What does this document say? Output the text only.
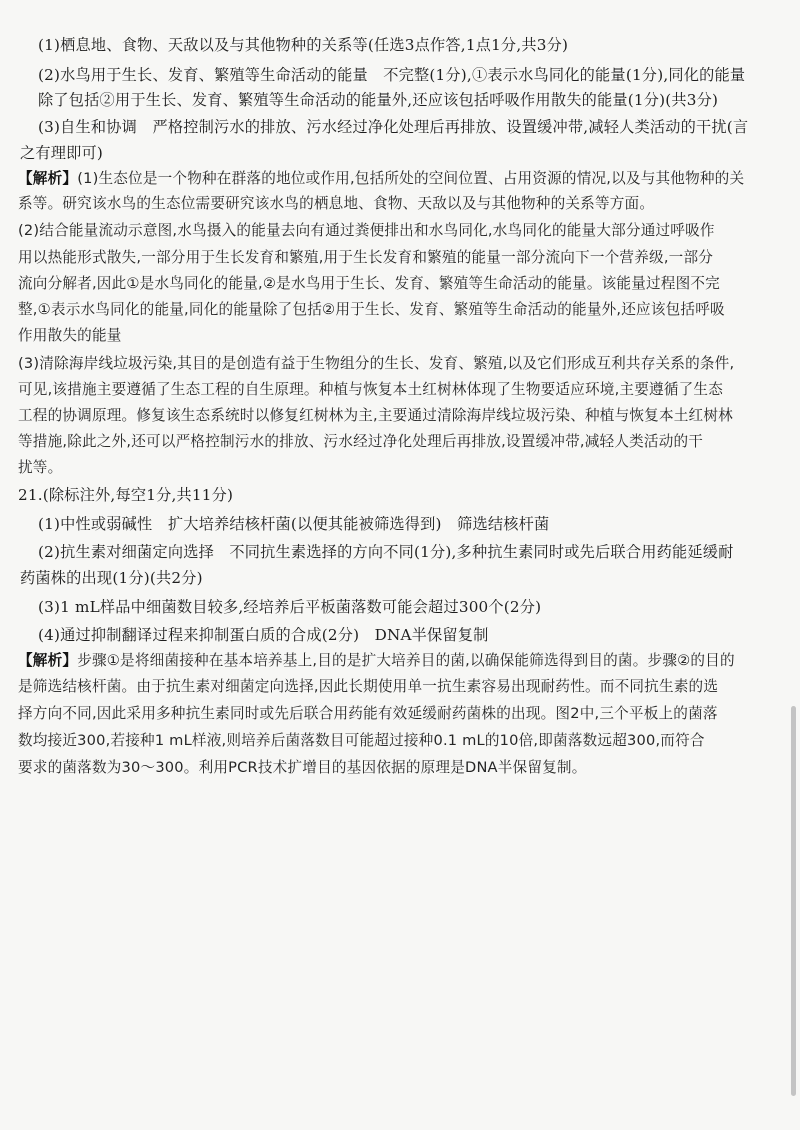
(1)栖息地、食物、天敌以及与其他物种的关系等(任选3点作答,1点1分,共3分)
(2)水鸟用于生长、发育、繁殖等生命活动的能量　不完整(1分),①表示水鸟同化的能量(1分),同化的能量
除了包括②用于生长、发育、繁殖等生命活动的能量外,还应该包括呼吸作用散失的能量(1分)(共3分)
(3)自生和协调　严格控制污水的排放、污水经过净化处理后再排放、设置缓冲带,减轻人类活动的干扰(言
之有理即可)
【解析】(1)生态位是一个物种在群落的地位或作用,包括所处的空间位置、占用资源的情况,以及与其他物种的关
系等。研究该水鸟的生态位需要研究该水鸟的栖息地、食物、天敌以及与其他物种的关系等方面。
(2)结合能量流动示意图,水鸟摄入的能量去向有通过粪便排出和水鸟同化,水鸟同化的能量大部分通过呼吸作
用以热能形式散失,一部分用于生长发育和繁殖,用于生长发育和繁殖的能量一部分流向下一个营养级,一部分
流向分解者,因此①是水鸟同化的能量,②是水鸟用于生长、发育、繁殖等生命活动的能量。该能量过程图不完
整,①表示水鸟同化的能量,同化的能量除了包括②用于生长、发育、繁殖等生命活动的能量外,还应该包括呼吸
作用散失的能量
(3)清除海岸线垃圾污染,其目的是创造有益于生物组分的生长、发育、繁殖,以及它们形成互利共存关系的条件,
可见,该措施主要遵循了生态工程的自生原理。种植与恢复本土红树林体现了生物要适应环境,主要遵循了生态
工程的协调原理。修复该生态系统时以修复红树林为主,主要通过清除海岸线垃圾污染、种植与恢复本土红树林
等措施,除此之外,还可以严格控制污水的排放、污水经过净化处理后再排放,设置缓冲带,减轻人类活动的干
扰等。
21.(除标注外,每空1分,共11分)
(1)中性或弱碱性　扩大培养结核杆菌(以便其能被筛选得到)　筛选结核杆菌
(2)抗生素对细菌定向选择　不同抗生素选择的方向不同(1分),多种抗生素同时或先后联合用药能延缓耐
药菌株的出现(1分)(共2分)
(3)1 mL样品中细菌数目较多,经培养后平板菌落数可能会超过300个(2分)
(4)通过抑制翻译过程来抑制蛋白质的合成(2分)　DNA半保留复制
【解析】步骤①是将细菌接种在基本培养基上,目的是扩大培养目的菌,以确保能筛选得到目的菌。步骤②的目的
是筛选结核杆菌。由于抗生素对细菌定向选择,因此长期使用单一抗生素容易出现耐药性。而不同抗生素的选
择方向不同,因此采用多种抗生素同时或先后联合用药能有效延缓耐药菌株的出现。图2中,三个平板上的菌落
数均接近300,若接种1 mL样液,则培养后菌落数目可能超过接种0.1 mL的10倍,即菌落数远超300,而符合
要求的菌落数为30～300。利用PCR技术扩增目的基因依据的原理是DNA半保留复制。
